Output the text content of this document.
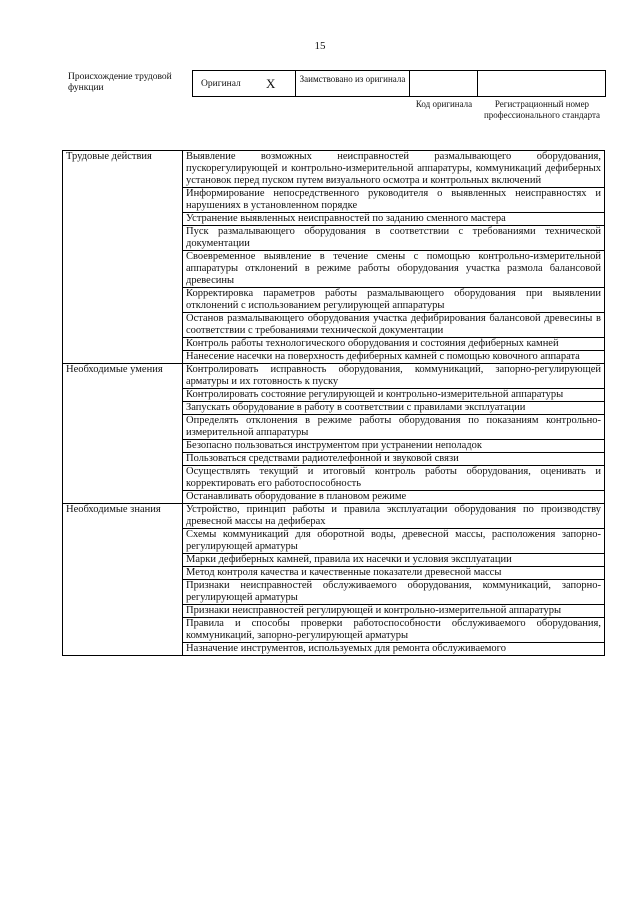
15
Происхождение трудовой функции	Оригинал X	Заимствовано из оригинала
Код оригинала	Регистрационный номер профессионального стандарта
Трудовые действия	Выявление возможных неисправностей размалывающего оборудования, пускорегулирующей и контрольно-измерительной аппаратуры, коммуникаций дефиберных установок перед пуском путем визуального осмотра и контрольных включений
	Информирование непосредственного руководителя о выявленных неисправностях и нарушениях в установленном порядке
	Устранение выявленных неисправностей по заданию сменного мастера
	Пуск размалывающего оборудования в соответствии с требованиями технической документации
	Своевременное выявление в течение смены с помощью контрольно-измерительной аппаратуры отклонений в режиме работы оборудования участка размола балансовой древесины
	Корректировка параметров работы размалывающего оборудования при выявлении отклонений с использованием регулирующей аппаратуры
	Останов размалывающего оборудования участка дефибрирования балансовой древесины в соответствии с требованиями технической документации
	Контроль работы технологического оборудования и состояния дефиберных камней
	Нанесение насечки на поверхность дефиберных камней с помощью ковочного аппарата
Необходимые умения	Контролировать исправность оборудования, коммуникаций, запорно-регулирующей арматуры и их готовность к пуску
	Контролировать состояние регулирующей и контрольно-измерительной аппаратуры
	Запускать оборудование в работу в соответствии с правилами эксплуатации
	Определять отклонения в режиме работы оборудования по показаниям контрольно-измерительной аппаратуры
	Безопасно пользоваться инструментом при устранении неполадок
	Пользоваться средствами радиотелефонной и звуковой связи
	Осуществлять текущий и итоговый контроль работы оборудования, оценивать и корректировать его работоспособность
	Останавливать оборудование в плановом режиме
Необходимые знания	Устройство, принцип работы и правила эксплуатации оборудования по производству древесной массы на дефиберах
	Схемы коммуникаций для оборотной воды, древесной массы, расположения запорно-регулирующей арматуры
	Марки дефиберных камней, правила их насечки и условия эксплуатации
	Метод контроля качества и качественные показатели древесной массы
	Признаки неисправностей обслуживаемого оборудования, коммуникаций, запорно-регулирующей арматуры
	Признаки неисправностей регулирующей и контрольно-измерительной аппаратуры
	Правила и способы проверки работоспособности обслуживаемого оборудования, коммуникаций, запорно-регулирующей арматуры
	Назначение инструментов, используемых для ремонта обслуживаемого
